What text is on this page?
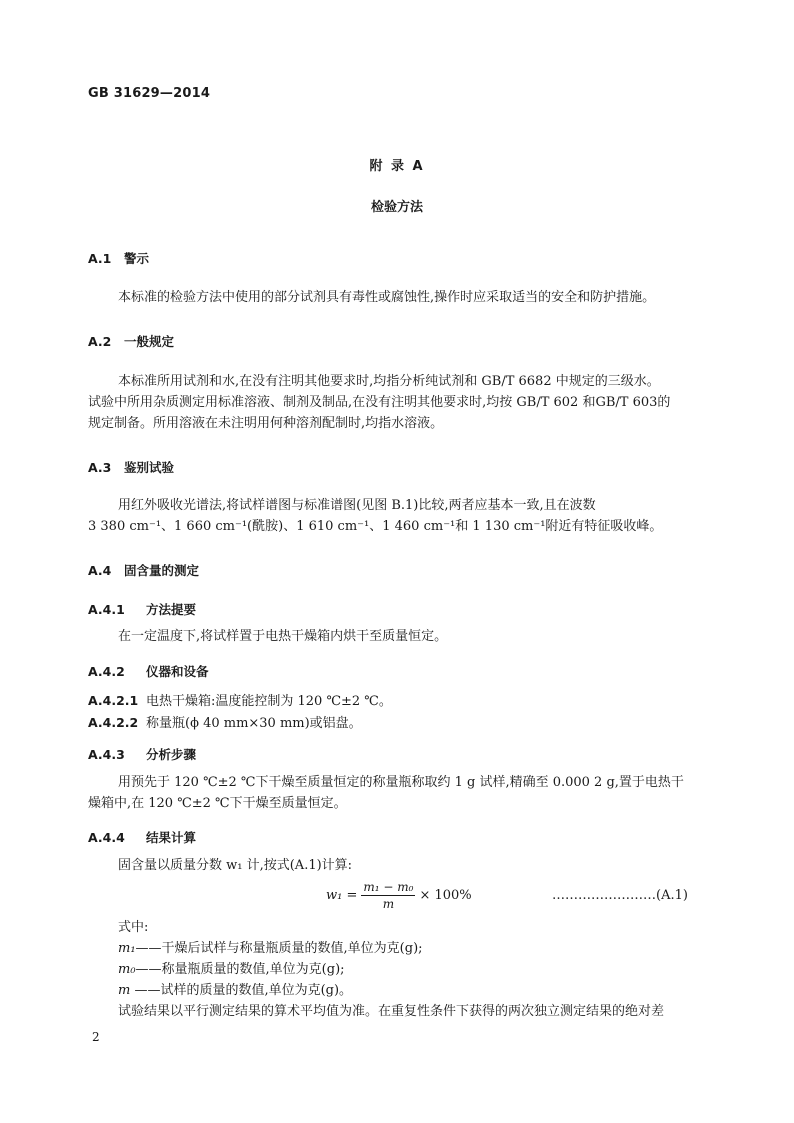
GB 31629—2014
附 录 A
检验方法
A.1 警示
本标准的检验方法中使用的部分试剂具有毒性或腐蚀性,操作时应采取适当的安全和防护措施。
A.2 一般规定
本标准所用试剂和水,在没有注明其他要求时,均指分析纯试剂和 GB/T 6682 中规定的三级水。
试验中所用杂质测定用标准溶液、制剂及制品,在没有注明其他要求时,均按 GB/T 602 和GB/T 603的
规定制备。所用溶液在未注明用何种溶剂配制时,均指水溶液。
A.3 鉴别试验
用红外吸收光谱法,将试样谱图与标准谱图(见图 B.1)比较,两者应基本一致,且在波数
3 380 cm⁻¹、1 660 cm⁻¹(酰胺)、1 610 cm⁻¹、1 460 cm⁻¹和 1 130 cm⁻¹附近有特征吸收峰。
A.4 固含量的测定
A.4.1 方法提要
在一定温度下,将试样置于电热干燥箱内烘干至质量恒定。
A.4.2 仪器和设备
A.4.2.1 电热干燥箱:温度能控制为 120 ℃±2 ℃。
A.4.2.2 称量瓶(ϕ 40 mm×30 mm)或铝盘。
A.4.3 分析步骤
用预先于 120 ℃±2 ℃下干燥至质量恒定的称量瓶称取约 1 g 试样,精确至 0.000 2 g,置于电热干
燥箱中,在 120 ℃±2 ℃下干燥至质量恒定。
A.4.4 结果计算
固含量以质量分数 w₁ 计,按式(A.1)计算:
$w_1 = \frac{\text{m₁ − m₀}}{m} \times 100\%$	……………………(A.1)
式中:
m₁——干燥后试样与称量瓶质量的数值,单位为克(g);
m₀——称量瓶质量的数值,单位为克(g);
m ——试样的质量的数值,单位为克(g)。
试验结果以平行测定结果的算术平均值为准。在重复性条件下获得的两次独立测定结果的绝对差
2
